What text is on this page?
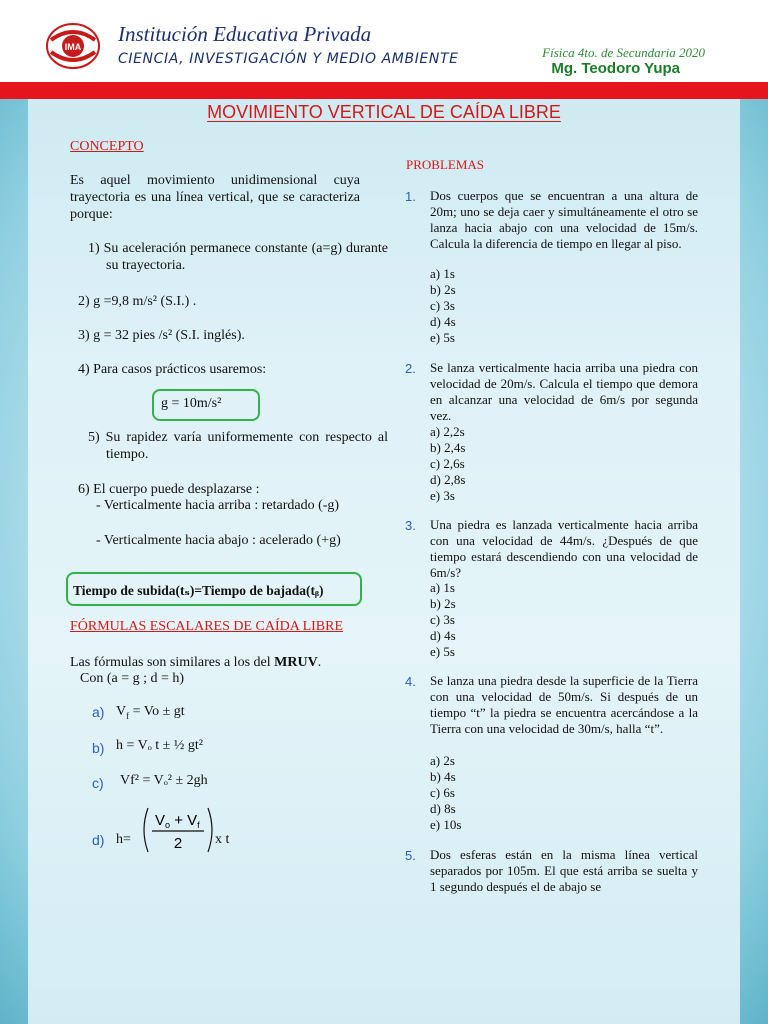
IMA
Institución Educativa Privada
CIENCIA, INVESTIGACIÓN Y MEDIO AMBIENTE	Física 4to. de Secundaria 2020
Mg. Teodoro Yupa
MOVIMIENTO VERTICAL DE CAÍDA LIBRE
CONCEPTO
Es aquel movimiento unidimensional cuya trayectoria es una línea vertical, que se caracteriza porque:
1) Su aceleración permanece constante (a=g) durante su trayectoria.
2) g =9,8 m/s² (S.I.) .
3) g = 32 pies /s² (S.I. inglés).
4) Para casos prácticos usaremos:
g = 10m/s²
5) Su rapidez varía uniformemente con respecto al tiempo.
6) El cuerpo puede desplazarse :
- Verticalmente hacia arriba : retardado (-g)
- Verticalmente hacia abajo : acelerado (+g)
Tiempo de subida(tₛ)=Tiempo de bajada(tᵦ)
FÓRMULAS ESCALARES DE CAÍDA LIBRE
Las fórmulas son similares a los del MRUV.
Con (a = g ; d = h)
a) $V_f = Vo$ ± gt
b) h = Vₒ t ± ½ gt²
c) Vf² = Vₒ² ± 2gh
d) h=
$V_o + V_f$
2 x t
PROBLEMAS
1. Dos cuerpos que se encuentran a una altura de 20m; uno se deja caer y simultáneamente el otro se lanza hacia abajo con una velocidad de 15m/s. Calcula la diferencia de tiempo en llegar al piso.
a) 1s
b) 2s
c) 3s
d) 4s
e) 5s
2. Se lanza verticalmente hacia arriba una piedra con velocidad de 20m/s. Calcula el tiempo que demora en alcanzar una velocidad de 6m/s por segunda vez.
a) 2,2s
b) 2,4s
c) 2,6s
d) 2,8s
e) 3s
3. Una piedra es lanzada verticalmente hacia arriba con una velocidad de 44m/s. ¿Después de que tiempo estará descendiendo con una velocidad de 6m/s?
a) 1s
b) 2s
c) 3s
d) 4s
e) 5s
4. Se lanza una piedra desde la superficie de la Tierra con una velocidad de 50m/s. Si después de un tiempo “t” la piedra se encuentra acercándose a la Tierra con una velocidad de 30m/s, halla “t”.
a) 2s
b) 4s
c) 6s
d) 8s
e) 10s
5. Dos esferas están en la misma línea vertical separados por 105m. El que está arriba se suelta y 1 segundo después el de abajo se
